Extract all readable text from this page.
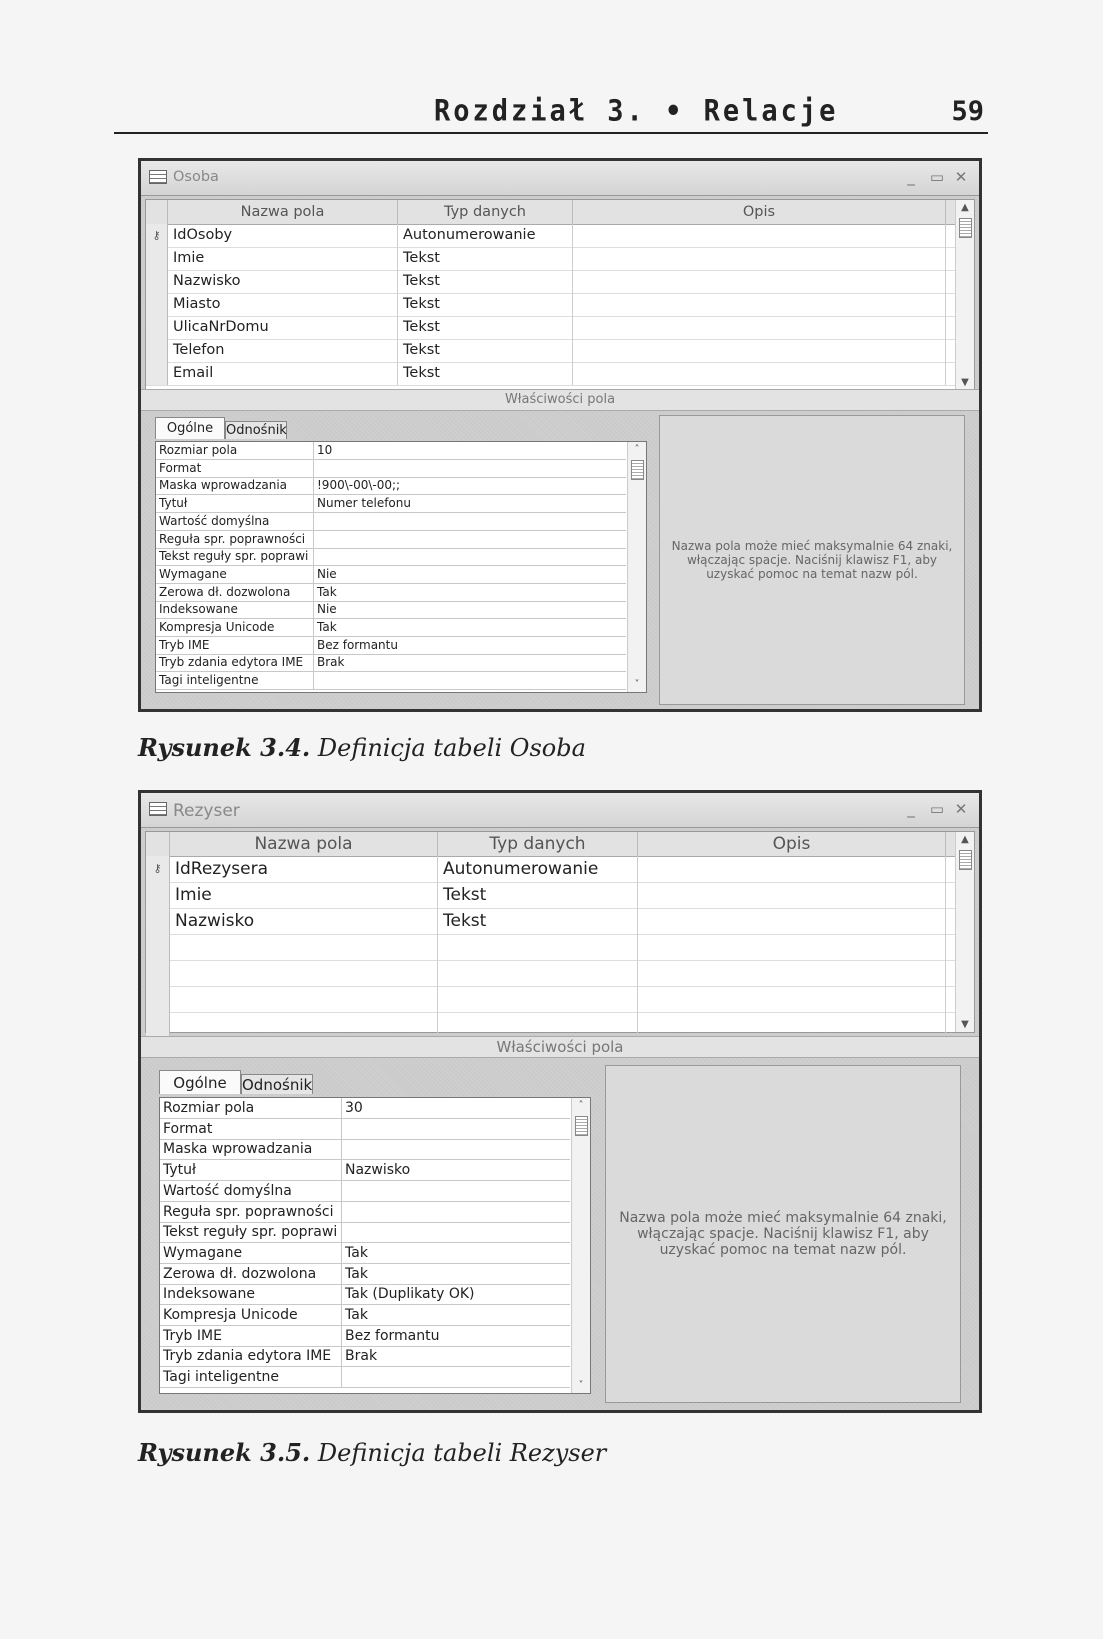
Rozdział 3. • Relacje	59
Osoba	_	▭ ✕
Nazwa pola	Typ danych	Opis
⚷ IdOsoby	Autonumerowanie
Imie	Tekst
Nazwisko	Tekst
Miasto	Tekst
UlicaNrDomu	Tekst
Telefon	Tekst
Email	Tekst
▲
▼
Właściwości pola
Ogólne Odnośnik
Rozmiar pola	10
Format
Maska wprowadzania	!900\-00\-00;;
Tytuł	Numer telefonu
Wartość domyślna
Reguła spr. poprawności
Tekst reguły spr. poprawi
Wymagane	Nie
Zerowa dł. dozwolona	Tak
Indeksowane	Nie
Kompresja Unicode	Tak
Tryb IME	Bez formantu
Tryb zdania edytora IME	Brak
Tagi inteligentne
˄
˅
Nazwa pola może mieć maksymalnie 64 znaki, włączając spacje. Naciśnij klawisz F1, aby uzyskać pomoc na temat nazw pól.
Rezyser	_	▭ ✕
Nazwa pola	Typ danych	Opis
⚷ IdRezysera	Autonumerowanie
Imie	Tekst
Nazwisko	Tekst
▲
▼
Właściwości pola
Ogólne	Odnośnik
Rozmiar pola	30
Format
Maska wprowadzania
Tytuł	Nazwisko
Wartość domyślna
Reguła spr. poprawności
Tekst reguły spr. poprawi
Wymagane	Tak
Zerowa dł. dozwolona	Tak
Indeksowane	Tak (Duplikaty OK)
Kompresja Unicode	Tak
Tryb IME	Bez formantu
Tryb zdania edytora IME Brak
Tagi inteligentne
˄
˅
Nazwa pola może mieć maksymalnie 64 znaki, włączając spacje. Naciśnij klawisz F1, aby uzyskać pomoc na temat nazw pól.
Rysunek 3.4. Definicja tabeli Osoba
Rysunek 3.5. Definicja tabeli Rezyser
